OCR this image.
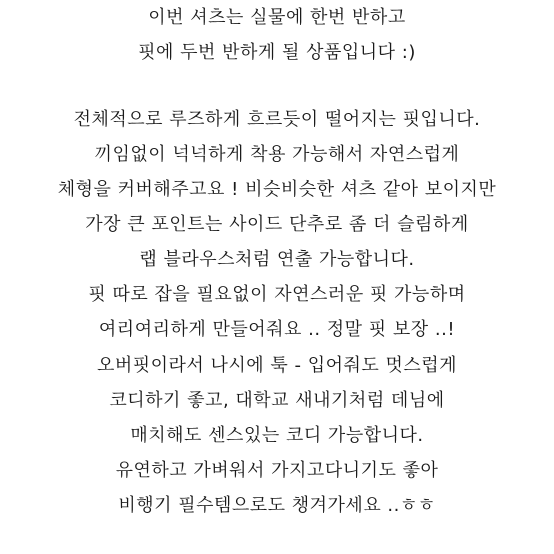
이번 셔츠는 실물에 한번 반하고
핏에 두번 반하게 될 상품입니다 :)
전체적으로 루즈하게 흐르듯이 떨어지는 핏입니다.
끼임없이 넉넉하게 착용 가능해서 자연스럽게
체형을 커버해주고요 ! 비슷비슷한 셔츠 같아 보이지만
가장 큰 포인트는 사이드 단추로 좀 더 슬림하게
랩 블라우스처럼 연출 가능합니다.
핏 따로 잡을 필요없이 자연스러운 핏 가능하며
여리여리하게 만들어줘요 .. 정말 핏 보장 ..!
오버핏이라서 나시에 툭 - 입어줘도 멋스럽게
코디하기 좋고, 대학교 새내기처럼 데님에
매치해도 센스있는 코디 가능합니다.
유연하고 가벼워서 가지고다니기도 좋아
비행기 필수템으로도 챙겨가세요 ..ㅎㅎ
